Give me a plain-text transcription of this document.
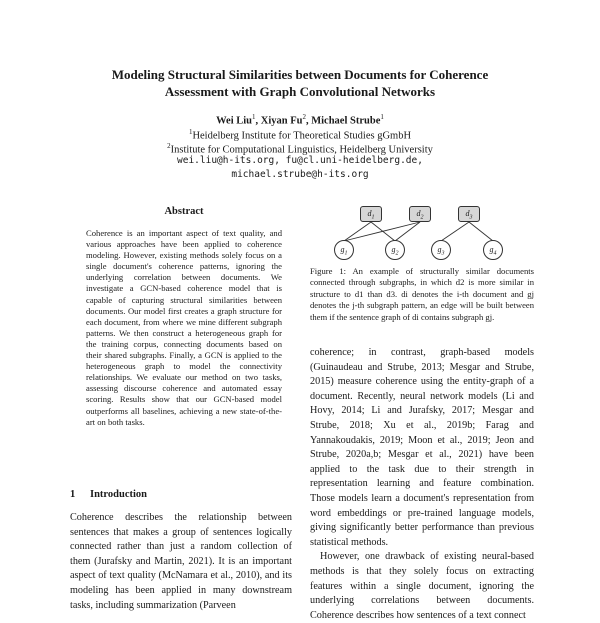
Modeling Structural Similarities between Documents for Coherence
Assessment with Graph Convolutional Networks
Wei Liu$^1$, Xiyan Fu$^2$, Michael Strube$^1$
$^1$Heidelberg Institute for Theoretical Studies gGmbH
$^2$Institute for Computational Linguistics, Heidelberg University
wei.liu@h-its.org, fu@cl.uni-heidelberg.de,
michael.strube@h-its.org
Abstract

Coherence is an important aspect of text quality, and various approaches have been applied to coherence modeling. However, existing methods solely focus on a single document's coherence patterns, ignoring the underlying correlation between documents. We investigate a GCN-based coherence model that is capable of capturing structural similarities between documents. Our model first creates a graph structure for each document, from where we mine different subgraph patterns. We then construct a heterogeneous graph for the training corpus, connecting documents based on their shared subgraphs. Finally, a GCN is applied to the heterogeneous graph to model the connectivity relationships. We evaluate our method on two tasks, assessing discourse coherence and automated essay scoring. Results show that our GCN-based model outperforms all baselines, achieving a new state-of-the-art on both tasks.

1 Introduction

Coherence describes the relationship between sentences that makes a group of sentences logically connected rather than just a random collection of them (Jurafsky and Martin, 2021). It is an important aspect of text quality (McNamara et al., 2010), and its modeling has been applied in many downstream tasks, including summarization (Parveen

$d_1$	$d_2$	$d_3$
$g_1$	$g_2$	$g_3$	$g_4$

Figure 1: An example of structurally similar documents connected through subgraphs, in which d2 is more similar in structure to d1 than d3. di denotes the i-th document and gj denotes the j-th subgraph pattern, an edge will be built between them if the sentence graph of di contains subgraph gj.

coherence; in contrast, graph-based models (Guinaudeau and Strube, 2013; Mesgar and Strube, 2015) measure coherence using the entity-graph of a document. Recently, neural network models (Li and Hovy, 2014; Li and Jurafsky, 2017; Mesgar and Strube, 2018; Xu et al., 2019b; Farag and Yannakoudakis, 2019; Moon et al., 2019; Jeon and Strube, 2020a,b; Mesgar et al., 2021) have been applied to the task due to their strength in representation learning and feature combination. Those models learn a document's representation from word embeddings or pre-trained language models, giving significantly better performance than previous statistical methods.

However, one drawback of existing neural-based methods is that they solely focus on extracting features within a single document, ignoring the underlying correlations between documents. Coherence describes how sentences of a text connect
